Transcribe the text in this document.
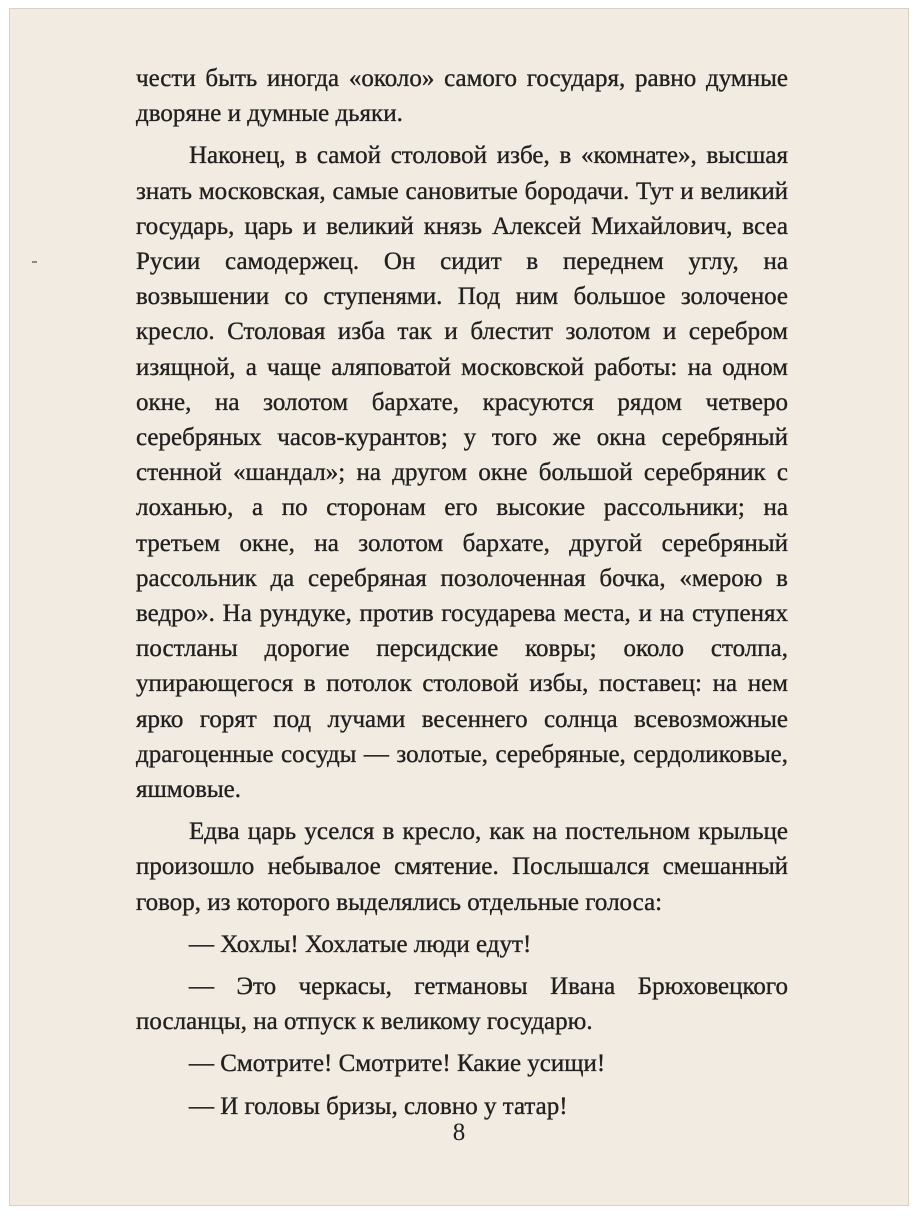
чести быть иногда «около» самого государя, равно думные дворяне и думные дьяки.

Наконец, в самой столовой избе, в «комнате», высшая знать московская, самые сановитые бородачи. Тут и великий государь, царь и великий князь Алексей Михайлович, всеа Русии самодержец. Он сидит в переднем углу, на возвышении со ступенями. Под ним большое золоченое кресло. Столовая изба так и блестит золотом и серебром изящной, а чаще аляповатой московской работы: на одном окне, на золотом бархате, красуются рядом четверо серебряных часов-курантов; у того же окна серебряный стенной «шандал»; на другом окне большой серебряник с лоханью, а по сторонам его высокие рассольники; на третьем окне, на золотом бархате, другой серебряный рассольник да серебряная позолоченная бочка, «мерою в ведро». На рундуке, против государева места, и на ступенях постланы дорогие персидские ковры; около столпа, упирающегося в потолок столовой избы, поставец: на нем ярко горят под лучами весеннего солнца всевозможные драгоценные сосуды — золотые, серебряные, сердоликовые, яшмовые.

Едва царь уселся в кресло, как на постельном крыльце произошло небывалое смятение. Послышался смешанный говор, из которого выделялись отдельные голоса:

— Хохлы! Хохлатые люди едут!

— Это черкасы, гетмановы Ивана Брюховецкого посланцы, на отпуск к великому государю.

— Смотрите! Смотрите! Какие усищи!

— И головы бризы, словно у татар!

8
